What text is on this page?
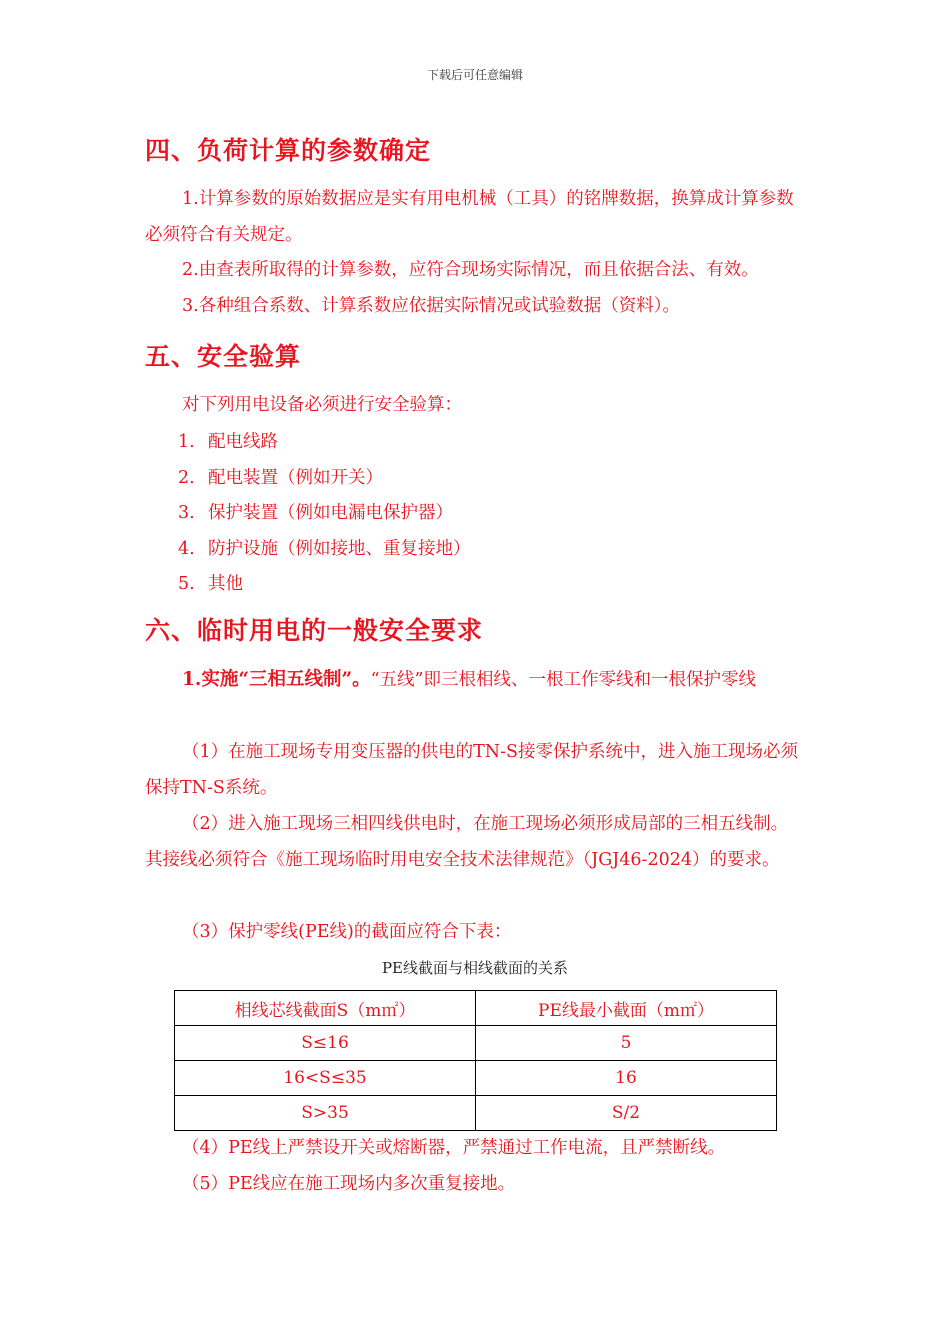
下载后可任意编辑
四、负荷计算的参数确定
1.计算参数的原始数据应是实有用电机械（工具）的铭牌数据，换算成计算参数必须符合有关规定。
2.由查表所取得的计算参数，应符合现场实际情况，而且依据合法、有效。
3.各种组合系数、计算系数应依据实际情况或试验数据（资料）。
五、安全验算
对下列用电设备必须进行安全验算：
1. 配电线路
2. 配电装置（例如开关）
3. 保护装置（例如电漏电保护器）
4. 防护设施（例如接地、重复接地）
5. 其他
六、临时用电的一般安全要求
1.实施“三相五线制”。“五线”即三根相线、一根工作零线和一根保护零线
（1）在施工现场专用变压器的供电的TN-S接零保护系统中，进入施工现场必须保持TN-S系统。
（2）进入施工现场三相四线供电时，在施工现场必须形成局部的三相五线制。其接线必须符合《施工现场临时用电安全技术法律规范》（JGJ46-2024）的要求。
（3）保护零线(PE线)的截面应符合下表：
PE线截面与相线截面的关系
相线芯线截面S（m㎡）	PE线最小截面（m㎡）
S≤16	5
16<S≤35	16
S>35	S/2
（4）PE线上严禁设开关或熔断器，严禁通过工作电流，且严禁断线。
（5）PE线应在施工现场内多次重复接地。
